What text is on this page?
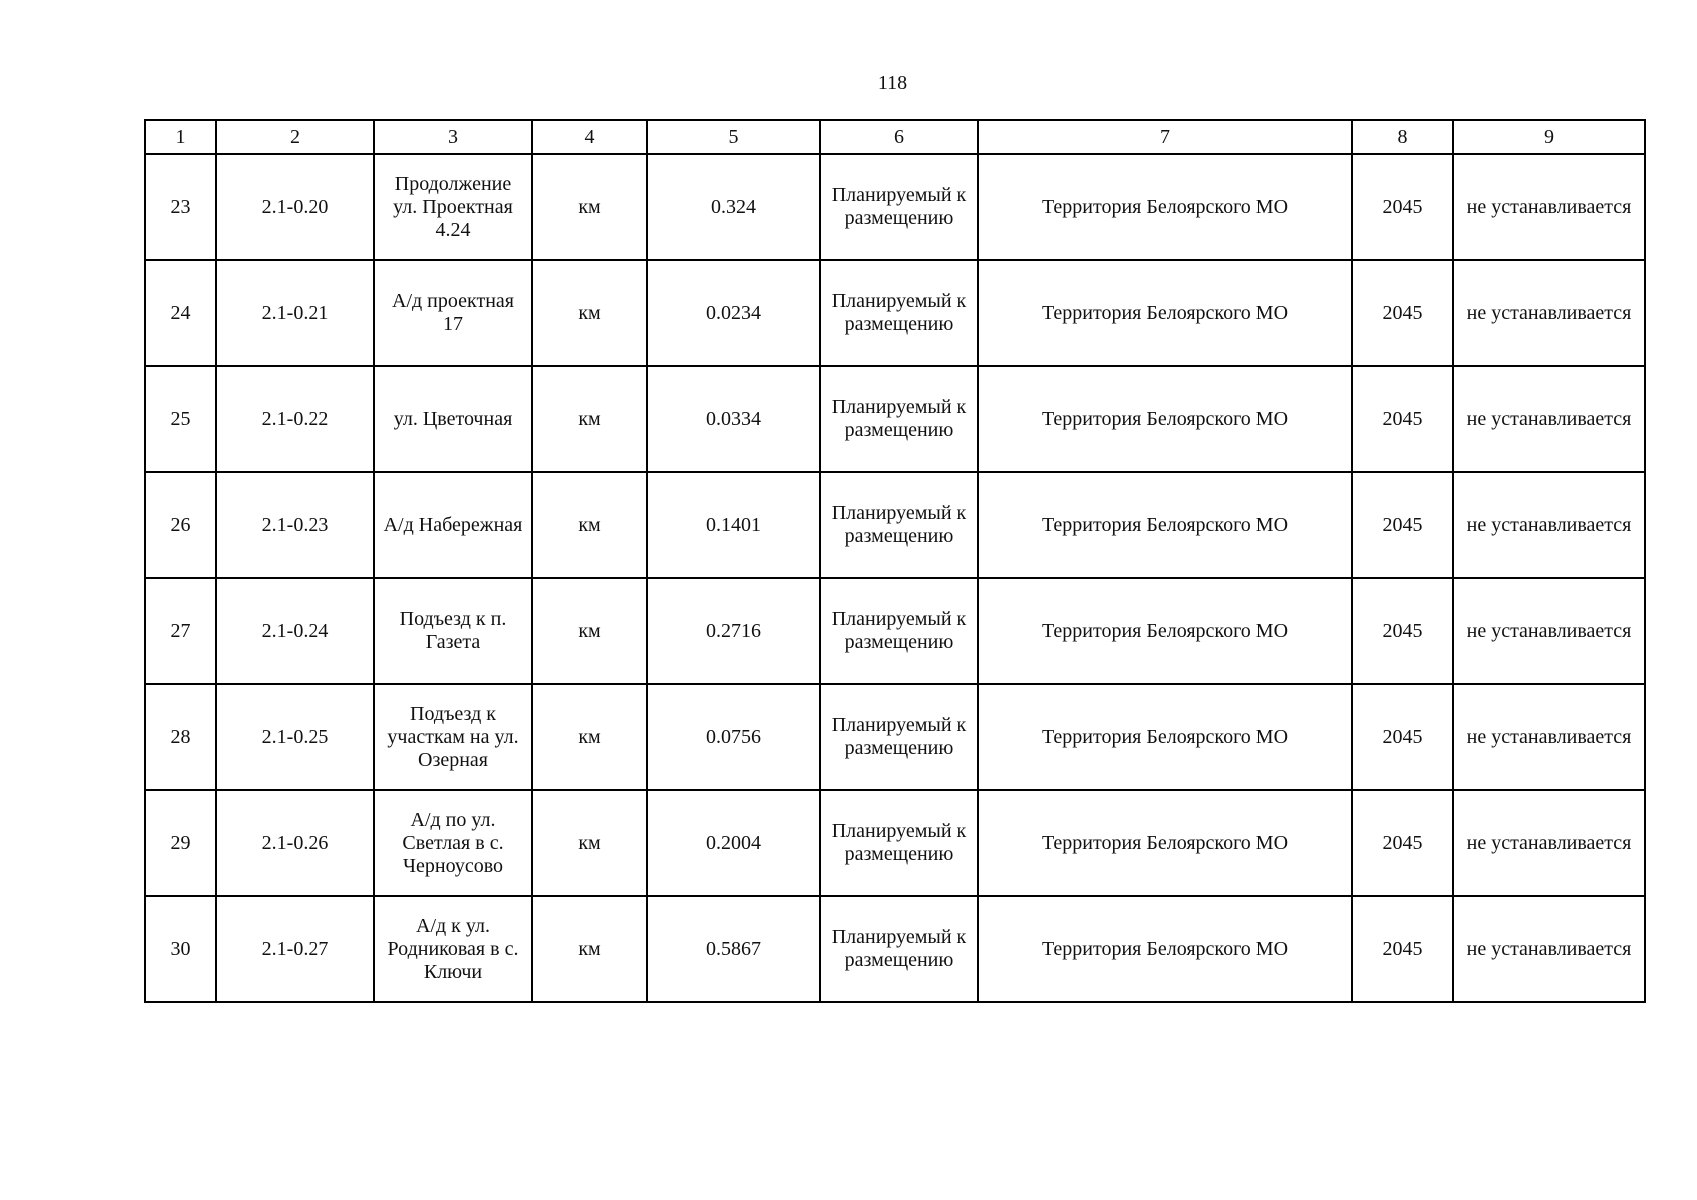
118
1	2	3	4	5	6	7	8	9
23	2.1-0.20	Продолжение ул. Проектная 4.24	км	0.324	Планируемый к размещению	Территория Белоярского МО	2045	не устанавливается
24	2.1-0.21	А/д проектная 17	км	0.0234	Планируемый к размещению	Территория Белоярского МО	2045	не устанавливается
25	2.1-0.22	ул. Цветочная	км	0.0334	Планируемый к размещению	Территория Белоярского МО	2045	не устанавливается
26	2.1-0.23	А/д Набережная	км	0.1401	Планируемый к размещению	Территория Белоярского МО	2045	не устанавливается
27	2.1-0.24	Подъезд к п. Газета	км	0.2716	Планируемый к размещению	Территория Белоярского МО	2045	не устанавливается
28	2.1-0.25	Подъезд к участкам на ул. Озерная	км	0.0756	Планируемый к размещению	Территория Белоярского МО	2045	не устанавливается
29	2.1-0.26	А/д по ул. Светлая в с. Черноусово	км	0.2004	Планируемый к размещению	Территория Белоярского МО	2045	не устанавливается
30	2.1-0.27	А/д к ул. Родниковая в с. Ключи	км	0.5867	Планируемый к размещению	Территория Белоярского МО	2045	не устанавливается
